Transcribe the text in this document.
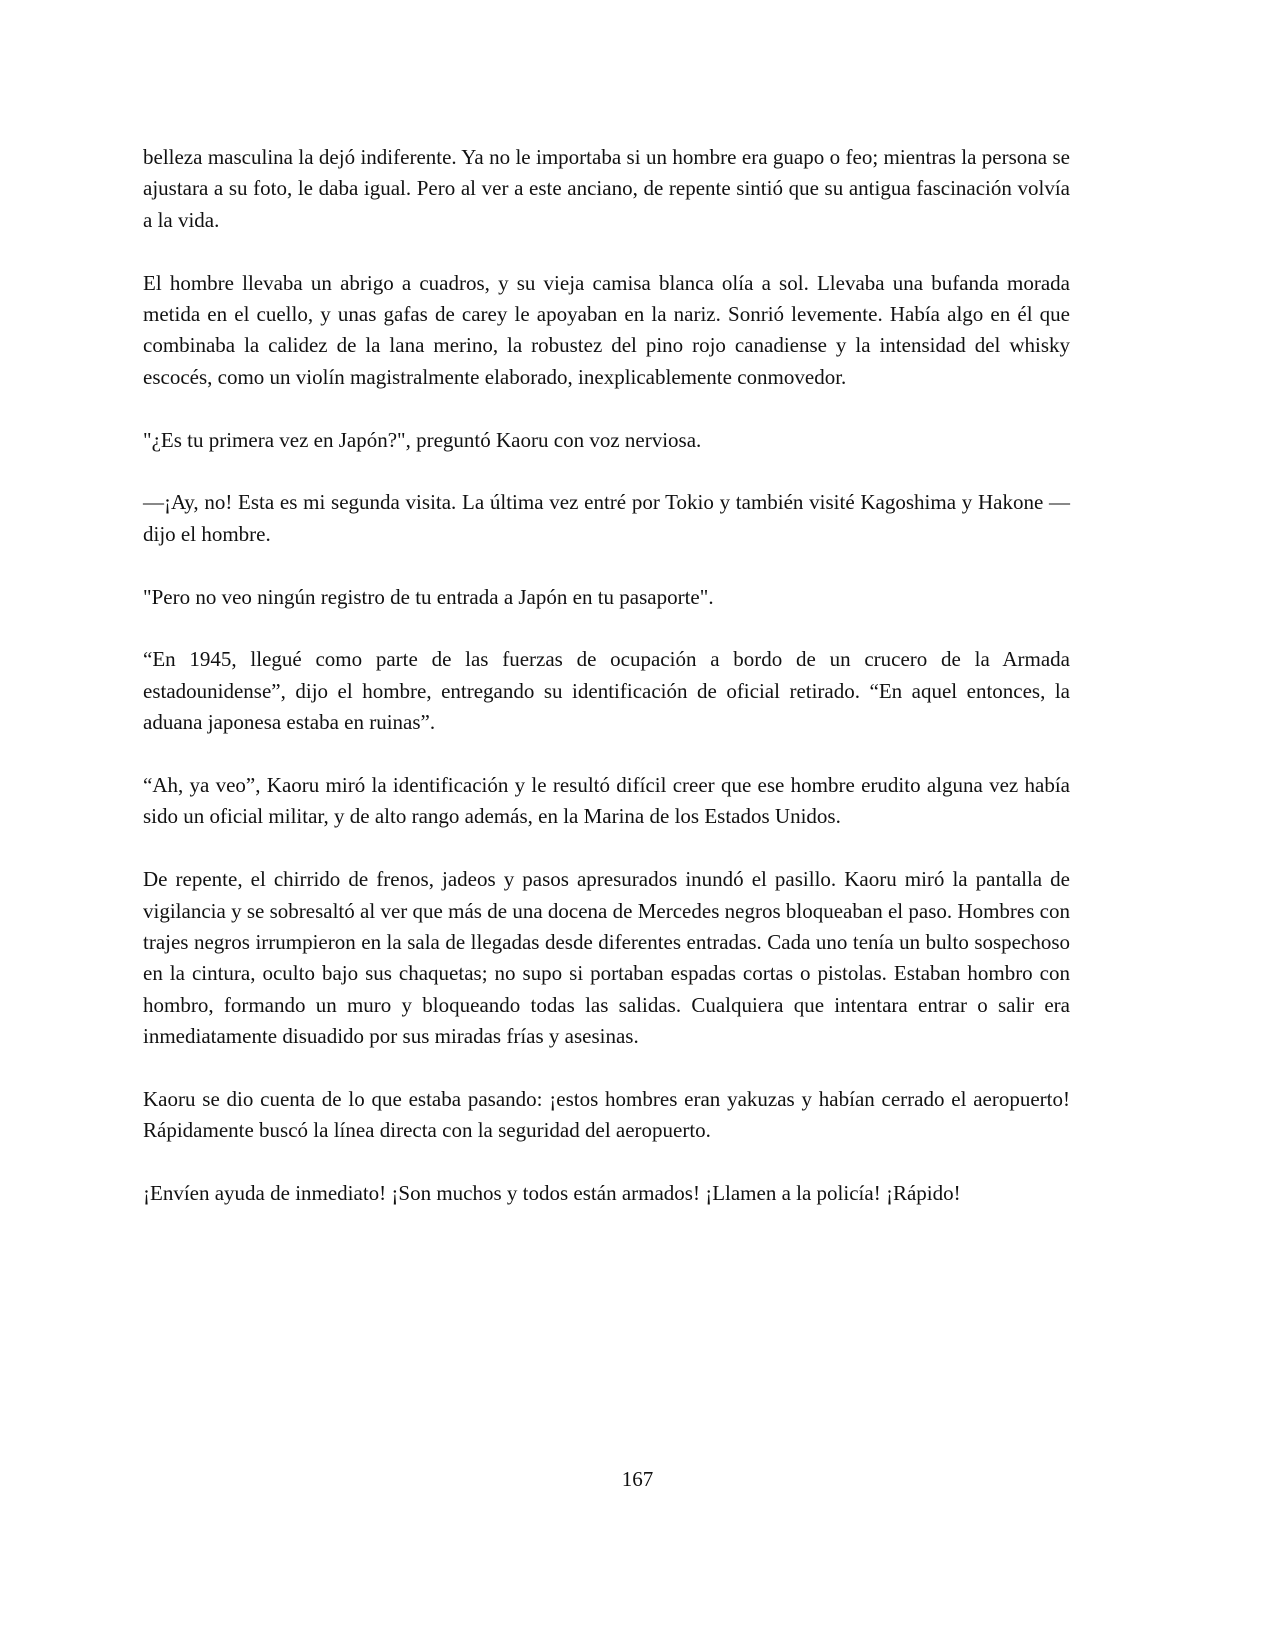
belleza masculina la dejó indiferente. Ya no le importaba si un hombre era guapo o feo; mientras la persona se ajustara a su foto, le daba igual. Pero al ver a este anciano, de repente sintió que su antigua fascinación volvía a la vida.

El hombre llevaba un abrigo a cuadros, y su vieja camisa blanca olía a sol. Llevaba una bufanda morada metida en el cuello, y unas gafas de carey le apoyaban en la nariz. Sonrió levemente. Había algo en él que combinaba la calidez de la lana merino, la robustez del pino rojo canadiense y la intensidad del whisky escocés, como un violín magistralmente elaborado, inexplicablemente conmovedor.

"¿Es tu primera vez en Japón?", preguntó Kaoru con voz nerviosa.

—¡Ay, no! Esta es mi segunda visita. La última vez entré por Tokio y también visité Kagoshima y Hakone —dijo el hombre.

"Pero no veo ningún registro de tu entrada a Japón en tu pasaporte".

“En 1945, llegué como parte de las fuerzas de ocupación a bordo de un crucero de la Armada estadounidense”, dijo el hombre, entregando su identificación de oficial retirado. “En aquel entonces, la aduana japonesa estaba en ruinas”.

“Ah, ya veo”, Kaoru miró la identificación y le resultó difícil creer que ese hombre erudito alguna vez había sido un oficial militar, y de alto rango además, en la Marina de los Estados Unidos.

De repente, el chirrido de frenos, jadeos y pasos apresurados inundó el pasillo. Kaoru miró la pantalla de vigilancia y se sobresaltó al ver que más de una docena de Mercedes negros bloqueaban el paso. Hombres con trajes negros irrumpieron en la sala de llegadas desde diferentes entradas. Cada uno tenía un bulto sospechoso en la cintura, oculto bajo sus chaquetas; no supo si portaban espadas cortas o pistolas. Estaban hombro con hombro, formando un muro y bloqueando todas las salidas. Cualquiera que intentara entrar o salir era inmediatamente disuadido por sus miradas frías y asesinas.

Kaoru se dio cuenta de lo que estaba pasando: ¡estos hombres eran yakuzas y habían cerrado el aeropuerto! Rápidamente buscó la línea directa con la seguridad del aeropuerto.

¡Envíen ayuda de inmediato! ¡Son muchos y todos están armados! ¡Llamen a la policía! ¡Rápido!

167
